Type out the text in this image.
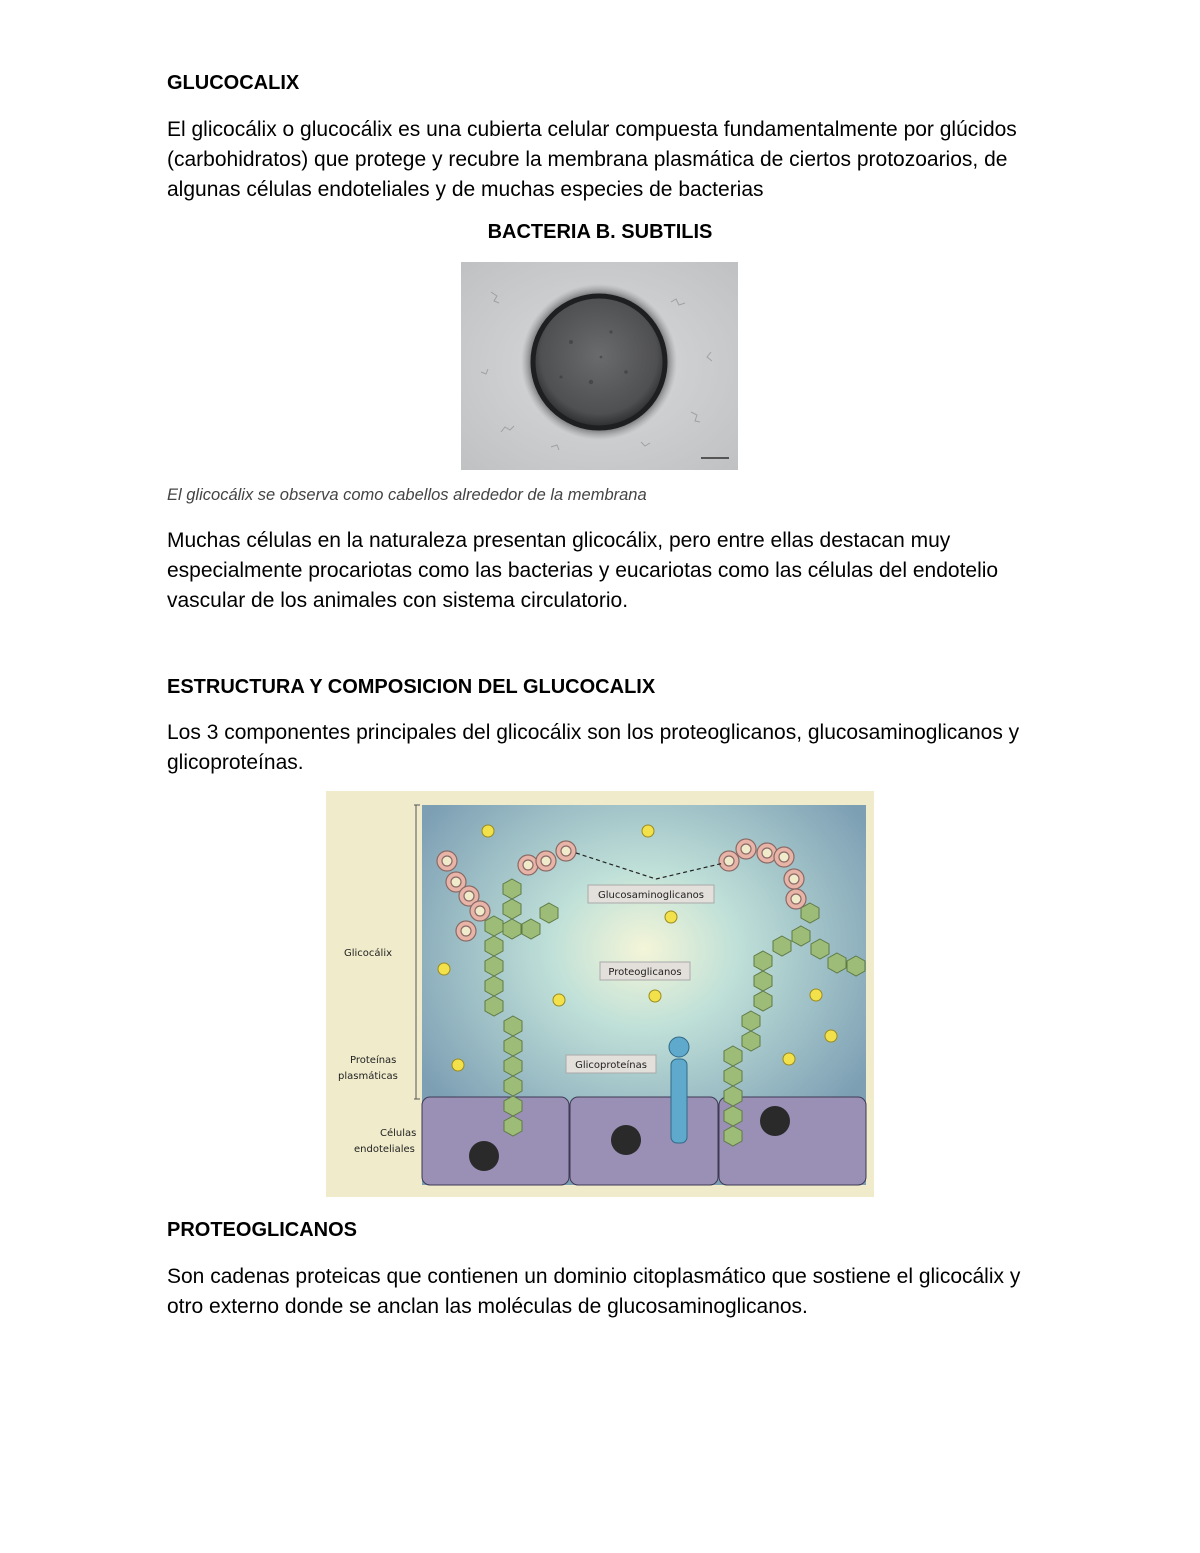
GLUCOCALIX

El glicocálix o glucocálix es una cubierta celular compuesta fundamentalmente por glúcidos (carbohidratos) que protege y recubre la membrana plasmática de ciertos protozoarios, de algunas células endoteliales y de muchas especies de bacterias

BACTERIA B. SUBTILIS

El glicocálix se observa como cabellos alrededor de la membrana

Muchas células en la naturaleza presentan glicocálix, pero entre ellas destacan muy especialmente procariotas como las bacterias y eucariotas como las células del endotelio vascular de los animales con sistema circulatorio.

ESTRUCTURA Y COMPOSICION DEL GLUCOCALIX

Los 3 componentes principales del glicocálix son los proteoglicanos, glucosaminoglicanos y glicoproteínas.

Glucosaminoglicanos
Proteoglicanos
Glicoproteínas
Glicocálix
Proteínas
plasmáticas
Células
endoteliales
PROTEOGLICANOS

Son cadenas proteicas que contienen un dominio citoplasmático que sostiene el glicocálix y otro externo donde se anclan las moléculas de glucosaminoglicanos.
